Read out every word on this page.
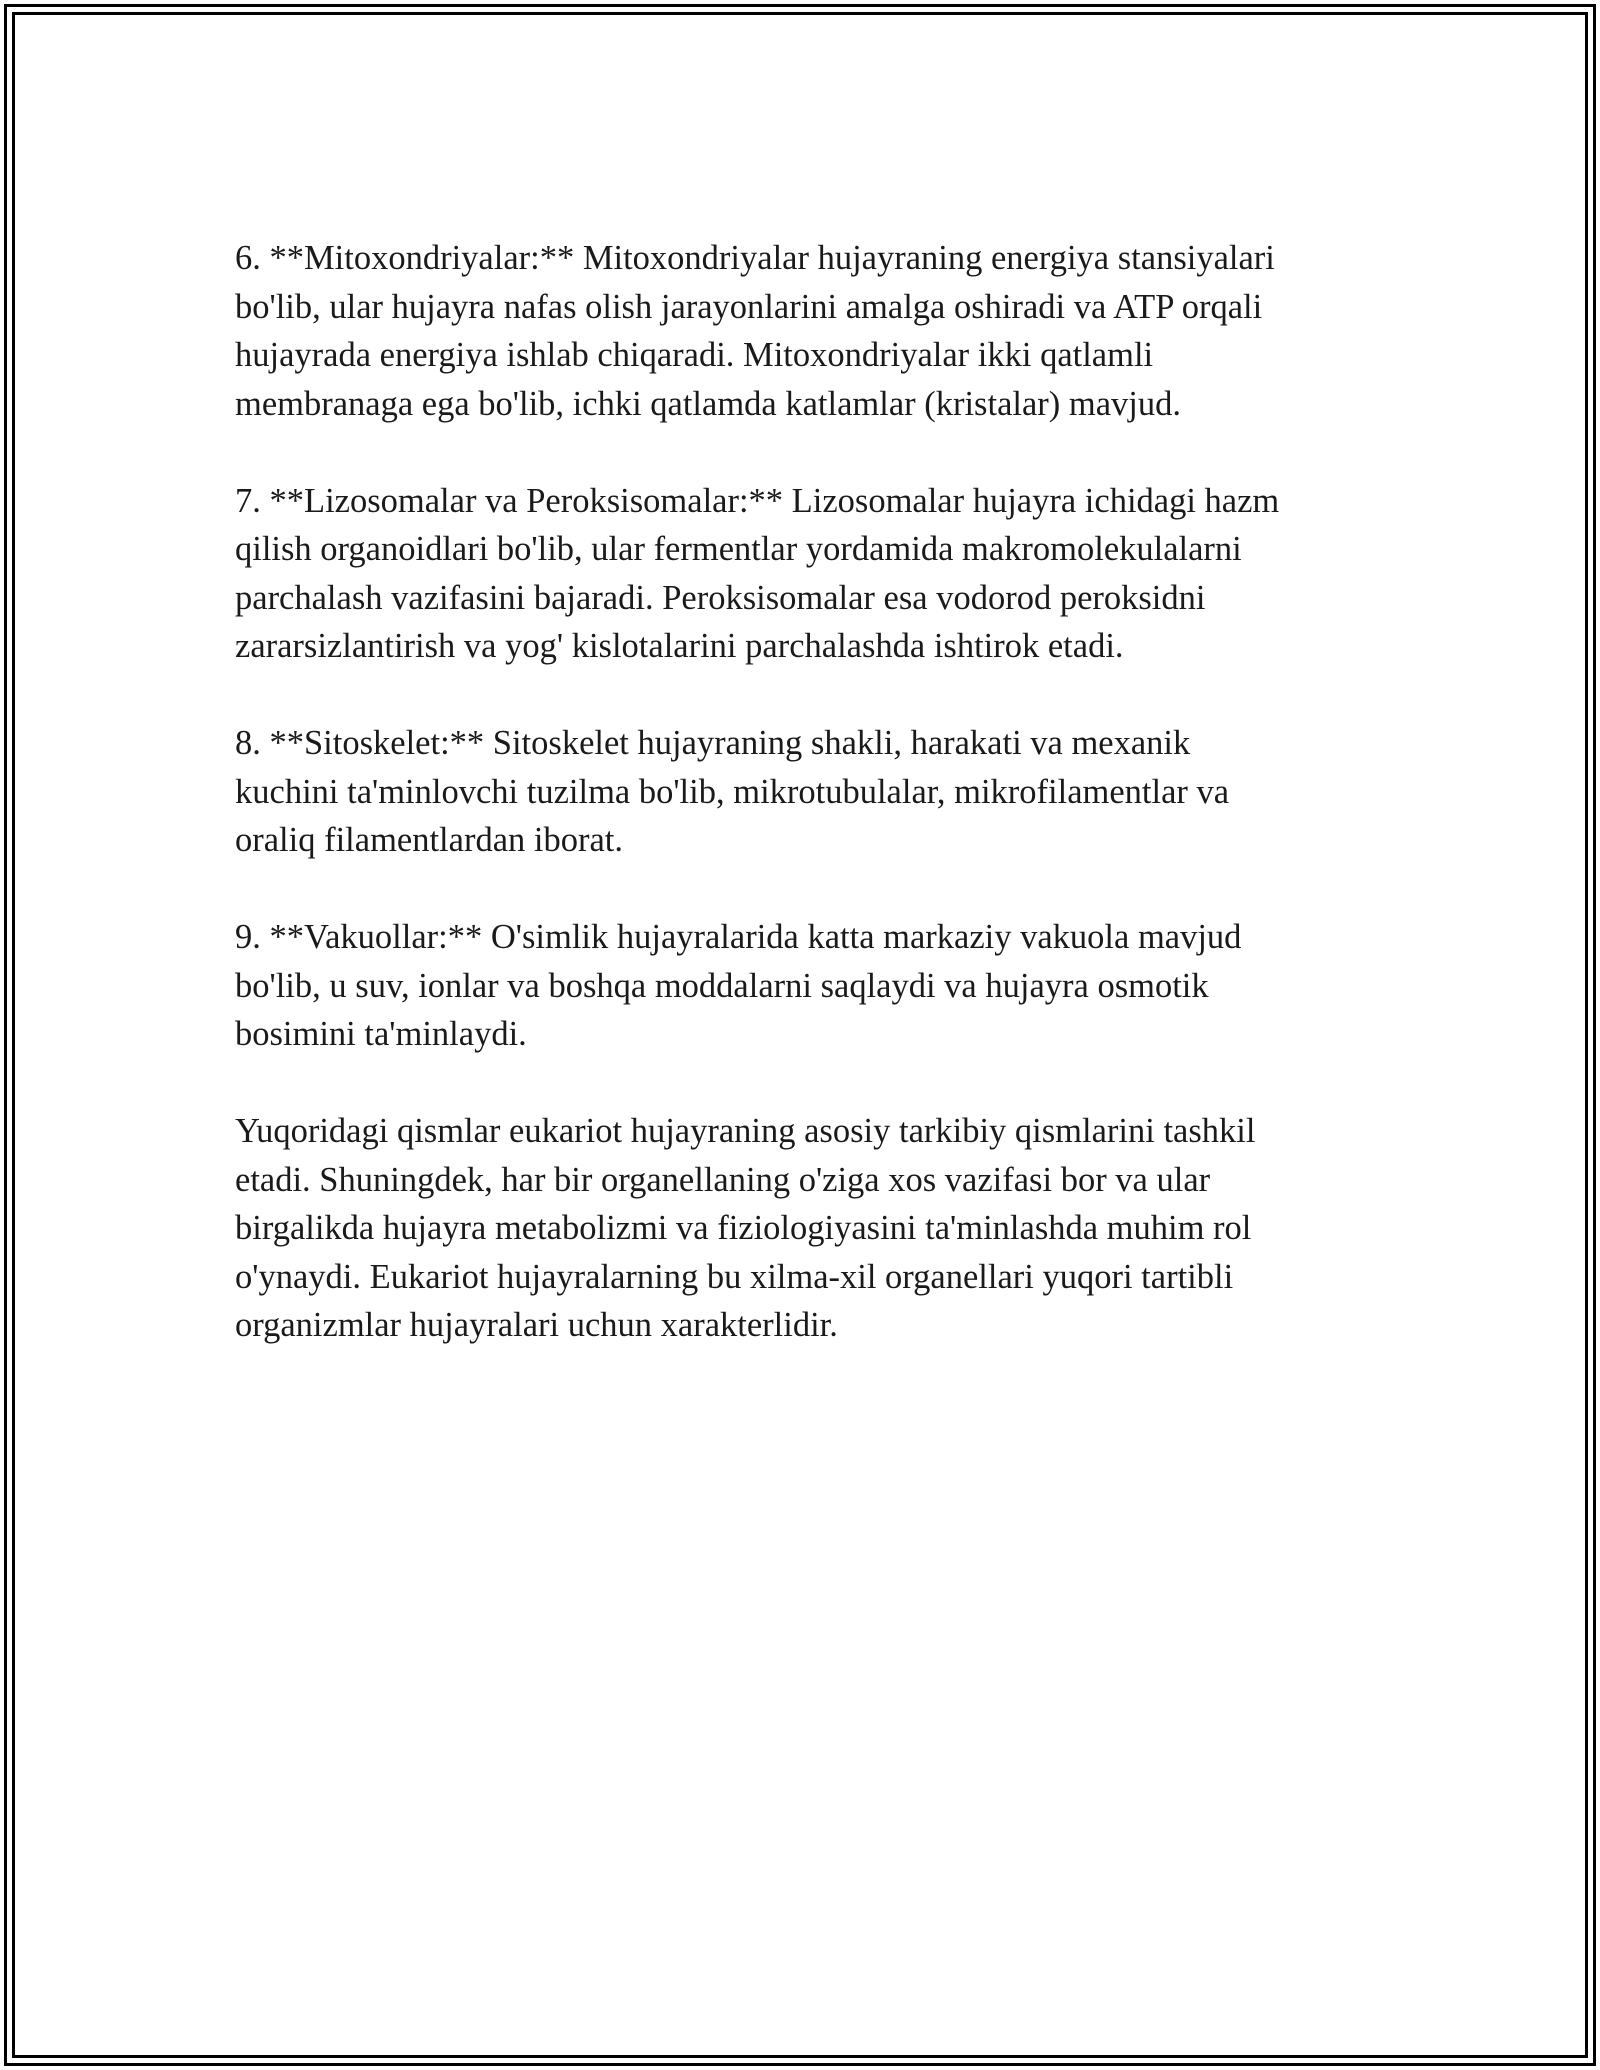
6. **Mitoxondriyalar:** Mitoxondriyalar hujayraning energiya stansiyalari
bo'lib, ular hujayra nafas olish jarayonlarini amalga oshiradi va ATP orqali
hujayrada energiya ishlab chiqaradi. Mitoxondriyalar ikki qatlamli
membranaga ega bo'lib, ichki qatlamda katlamlar (kristalar) mavjud.

7. **Lizosomalar va Peroksisomalar:** Lizosomalar hujayra ichidagi hazm
qilish organoidlari bo'lib, ular fermentlar yordamida makromolekulalarni
parchalash vazifasini bajaradi. Peroksisomalar esa vodorod peroksidni
zararsizlantirish va yog' kislotalarini parchalashda ishtirok etadi.

8. **Sitoskelet:** Sitoskelet hujayraning shakli, harakati va mexanik
kuchini ta'minlovchi tuzilma bo'lib, mikrotubulalar, mikrofilamentlar va
oraliq filamentlardan iborat.

9. **Vakuollar:** O'simlik hujayralarida katta markaziy vakuola mavjud
bo'lib, u suv, ionlar va boshqa moddalarni saqlaydi va hujayra osmotik
bosimini ta'minlaydi.

Yuqoridagi qismlar eukariot hujayraning asosiy tarkibiy qismlarini tashkil
etadi. Shuningdek, har bir organellaning o'ziga xos vazifasi bor va ular
birgalikda hujayra metabolizmi va fiziologiyasini ta'minlashda muhim rol
o'ynaydi. Eukariot hujayralarning bu xilma-xil organellari yuqori tartibli
organizmlar hujayralari uchun xarakterlidir.
